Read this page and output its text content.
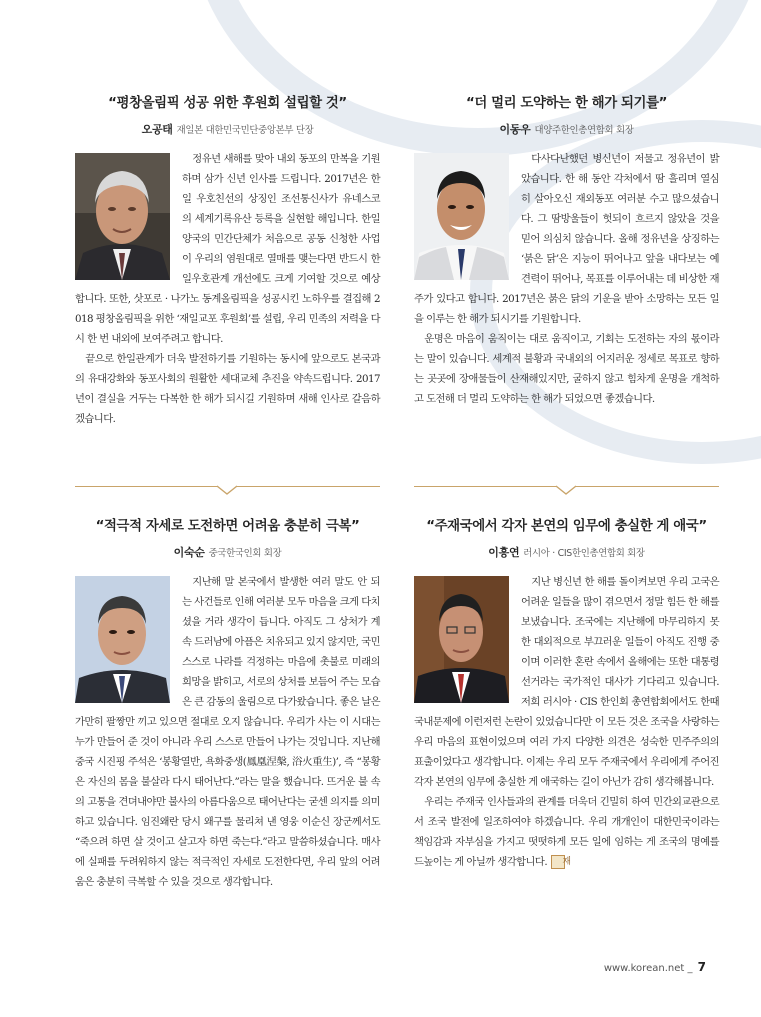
“평창올림픽 성공 위한 후원회 설립할 것”
오공태 재일본 대한민국민단중앙본부 단장

정유년 새해를 맞아 내외 동포의 만복을 기원하며 삼가 신년 인사를 드립니다. 2017년은 한일 우호친선의 상징인 조선통신사가 유네스코의 세계기록유산 등록을 실현할 해입니다. 한일 양국의 민간단체가 처음으로 공동 신청한 사업이 우리의 염원대로 열매를 맺는다면 반드시 한일우호관계 개선에도 크게 기여할 것으로 예상합니다. 또한, 삿포로 · 나가노 동계올림픽을 성공시킨 노하우를 결집해 2018 평창올림픽을 위한 ‘재일교포 후원회’를 설립, 우리 민족의 저력을 다시 한 번 내외에 보여주려고 합니다.

끝으로 한일관계가 더욱 발전하기를 기원하는 동시에 앞으로도 본국과의 유대강화와 동포사회의 원활한 세대교체 추진을 약속드립니다. 2017년이 결실을 거두는 다복한 한 해가 되시길 기원하며 새해 인사로 갈음하겠습니다.

“더 멀리 도약하는 한 해가 되기를”
이동우 대양주한인총연합회 회장

다사다난했던 병신년이 저물고 정유년이 밝았습니다. 한 해 동안 각처에서 땀 흘리며 열심히 살아오신 재외동포 여러분 수고 많으셨습니다. 그 땀방울들이 헛되이 흐르지 않았을 것을 믿어 의심치 않습니다. 올해 정유년을 상징하는 ‘붉은 닭’은 지능이 뛰어나고 앞을 내다보는 예견력이 뛰어나, 목표를 이루어내는 데 비상한 재주가 있다고 합니다. 2017년은 붉은 닭의 기운을 받아 소망하는 모든 일을 이루는 한 해가 되시기를 기원합니다.

운명은 마음이 움직이는 대로 움직이고, 기회는 도전하는 자의 몫이라는 말이 있습니다. 세계적 불황과 국내외의 어지러운 정세로 목표로 향하는 곳곳에 장애물들이 산재해있지만, 굴하지 않고 힘차게 운명을 개척하고 도전해 더 멀리 도약하는 한 해가 되었으면 좋겠습니다.

“적극적 자세로 도전하면 어려움 충분히 극복”
이숙순 중국한국인회 회장

지난해 말 본국에서 발생한 여러 말도 안 되는 사건들로 인해 여러분 모두 마음을 크게 다치셨을 거라 생각이 듭니다. 아직도 그 상처가 계속 드러남에 아픔은 치유되고 있지 않지만, 국민 스스로 나라를 걱정하는 마음에 촛불로 미래의 희망을 밝히고, 서로의 상처를 보듬어 주는 모습은 큰 감동의 울림으로 다가왔습니다. 좋은 날은 가만히 팔짱만 끼고 있으면 절대로 오지 않습니다. 우리가 사는 이 시대는 누가 만들어 준 것이 아니라 우리 스스로 만들어 나가는 것입니다. 지난해 중국 시진핑 주석은 ‘봉황열반, 욕화중생(鳳凰涅槃, 浴火重生)’, 즉 “봉황은 자신의 몸을 불살라 다시 태어난다.”라는 말을 했습니다. 뜨거운 불 속의 고통을 견뎌내야만 불사의 아름다움으로 태어난다는 굳센 의지를 의미하고 있습니다. 임진왜란 당시 왜구를 물리쳐 낸 영웅 이순신 장군께서도 “죽으려 하면 살 것이고 살고자 하면 죽는다.”라고 말씀하셨습니다. 매사에 실패를 두려워하지 않는 적극적인 자세로 도전한다면, 우리 앞의 어려움은 충분히 극복할 수 있을 것으로 생각합니다.

“주재국에서 각자 본연의 임무에 충실한 게 애국”
이흥연 러시아 · CIS한인총연합회 회장

지난 병신년 한 해를 돌이켜보면 우리 고국은 어려운 일들을 많이 겪으면서 정말 힘든 한 해를 보냈습니다. 조국에는 지난해에 마무리하지 못한 대외적으로 부끄러운 일들이 아직도 진행 중이며 이러한 혼란 속에서 올해에는 또한 대통령 선거라는 국가적인 대사가 기다리고 있습니다. 저희 러시아 · CIS 한인회 총연합회에서도 한때 국내문제에 이런저런 논란이 있었습니다만 이 모든 것은 조국을 사랑하는 우리 마음의 표현이었으며 여러 가지 다양한 의견은 성숙한 민주주의의 표출이었다고 생각합니다. 이제는 우리 모두 주재국에서 우리에게 주어진 각자 본연의 임무에 충실한 게 애국하는 길이 아닌가 감히 생각해봅니다.

우리는 주재국 인사들과의 관계를 더욱더 긴밀히 하여 민간외교관으로서 조국 발전에 일조하여야 하겠습니다. 우리 개개인이 대한민국이라는 책임감과 자부심을 가지고 떳떳하게 모든 일에 임하는 게 조국의 명예를 드높이는 게 아닐까 생각합니다. 재

www.korean.net _ 7
